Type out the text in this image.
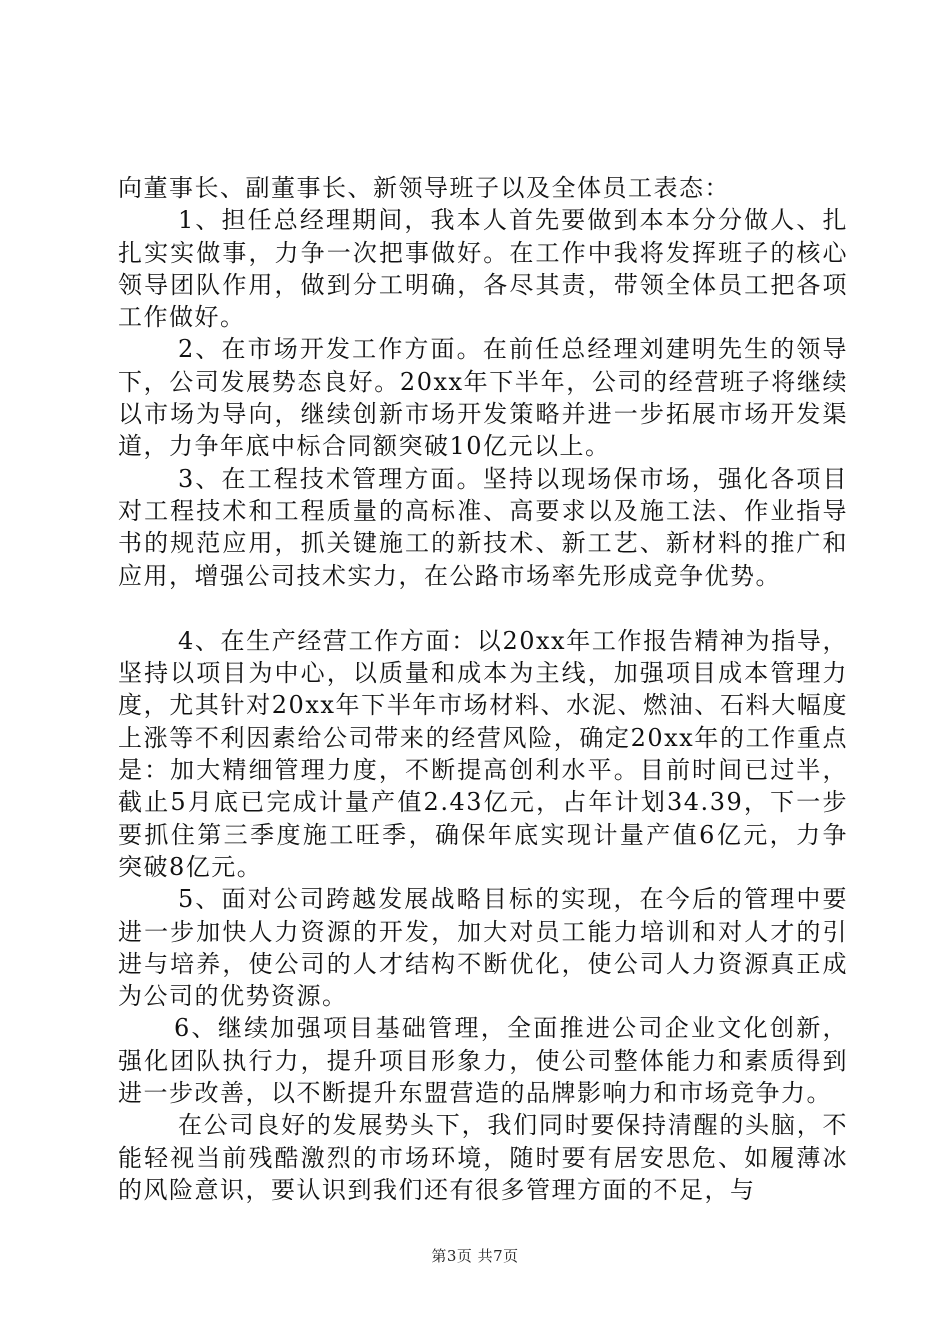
向董事长、副董事长、新领导班子以及全体员工表态：

1、担任总经理期间，我本人首先要做到本本分分做人、扎扎实实做事，力争一次把事做好。在工作中我将发挥班子的核心领导团队作用，做到分工明确，各尽其责，带领全体员工把各项工作做好。

2、在市场开发工作方面。在前任总经理刘建明先生的领导下，公司发展势态良好。20xx年下半年，公司的经营班子将继续以市场为导向，继续创新市场开发策略并进一步拓展市场开发渠道，力争年底中标合同额突破10亿元以上。

3、在工程技术管理方面。坚持以现场保市场，强化各项目对工程技术和工程质量的高标准、高要求以及施工法、作业指导书的规范应用，抓关键施工的新技术、新工艺、新材料的推广和应用，增强公司技术实力，在公路市场率先形成竞争优势。

4、在生产经营工作方面：以20xx年工作报告精神为指导，坚持以项目为中心，以质量和成本为主线，加强项目成本管理力度，尤其针对20xx年下半年市场材料、水泥、燃油、石料大幅度上涨等不利因素给公司带来的经营风险，确定20xx年的工作重点是：加大精细管理力度，不断提高创利水平。目前时间已过半，截止5月底已完成计量产值2.43亿元，占年计划34.39，下一步要抓住第三季度施工旺季，确保年底实现计量产值6亿元，力争突破8亿元。

5、面对公司跨越发展战略目标的实现，在今后的管理中要进一步加快人力资源的开发，加大对员工能力培训和对人才的引进与培养，使公司的人才结构不断优化，使公司人力资源真正成为公司的优势资源。

6、继续加强项目基础管理，全面推进公司企业文化创新，强化团队执行力，提升项目形象力，使公司整体能力和素质得到进一步改善，以不断提升东盟营造的品牌影响力和市场竞争力。

在公司良好的发展势头下，我们同时要保持清醒的头脑，不能轻视当前残酷激烈的市场环境，随时要有居安思危、如履薄冰的风险意识，要认识到我们还有很多管理方面的不足，与

第3页 共7页
